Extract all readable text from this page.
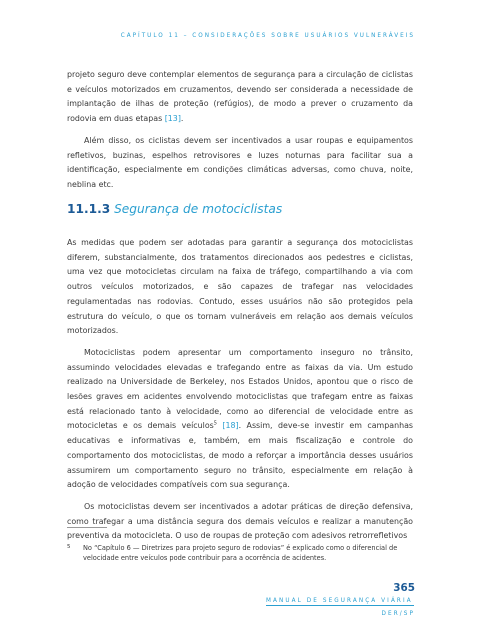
CAPÍTULO 11 – CONSIDERAÇÕES SOBRE USUÁRIOS VULNERÁVEIS

projeto seguro deve contemplar elementos de segurança para a circulação de ciclistas e veículos motorizados em cruzamentos, devendo ser considerada a necessidade de implantação de ilhas de proteção (refúgios), de modo a prever o cruzamento da rodovia em duas etapas [13].

Além disso, os ciclistas devem ser incentivados a usar roupas e equipamentos refletivos, buzinas, espelhos retrovisores e luzes noturnas para facilitar sua a identificação, especialmente em condições climáticas adversas, como chuva, noite, neblina etc.

11.1.3 Segurança de motociclistas

As medidas que podem ser adotadas para garantir a segurança dos motociclistas diferem, substancialmente, dos tratamentos direcionados aos pedestres e ciclistas, uma vez que motocicletas circulam na faixa de tráfego, compartilhando a via com outros veículos motorizados, e são capazes de trafegar nas velocidades regulamentadas nas rodovias. Contudo, esses usuários não são protegidos pela estrutura do veículo, o que os tornam vulneráveis em relação aos demais veículos motorizados.

Motociclistas podem apresentar um comportamento inseguro no trânsito, assumindo velocidades elevadas e trafegando entre as faixas da via. Um estudo realizado na Universidade de Berkeley, nos Estados Unidos, apontou que o risco de lesões graves em acidentes envolvendo motociclistas que trafegam entre as faixas está relacionado tanto à velocidade, como ao diferencial de velocidade entre as motocicletas e os demais veículos$^5$ [18]. Assim, deve-se investir em campanhas educativas e informativas e, também, em mais fiscalização e controle do comportamento dos motociclistas, de modo a reforçar a importância desses usuários assumirem um comportamento seguro no trânsito, especialmente em relação à adoção de velocidades compatíveis com sua segurança.

Os motociclistas devem ser incentivados a adotar práticas de direção defensiva, como trafegar a uma distância segura dos demais veículos e realizar a manutenção preventiva da motocicleta. O uso de roupas de proteção com adesivos retrorrefletivos

5	No “Capítulo 6 — Diretrizes para projeto seguro de rodovias” é explicado como o diferencial de velocidade entre veículos pode contribuir para a ocorrência de acidentes.
365
MANUAL DE SEGURANÇA VIÁRIA
DER/SP
